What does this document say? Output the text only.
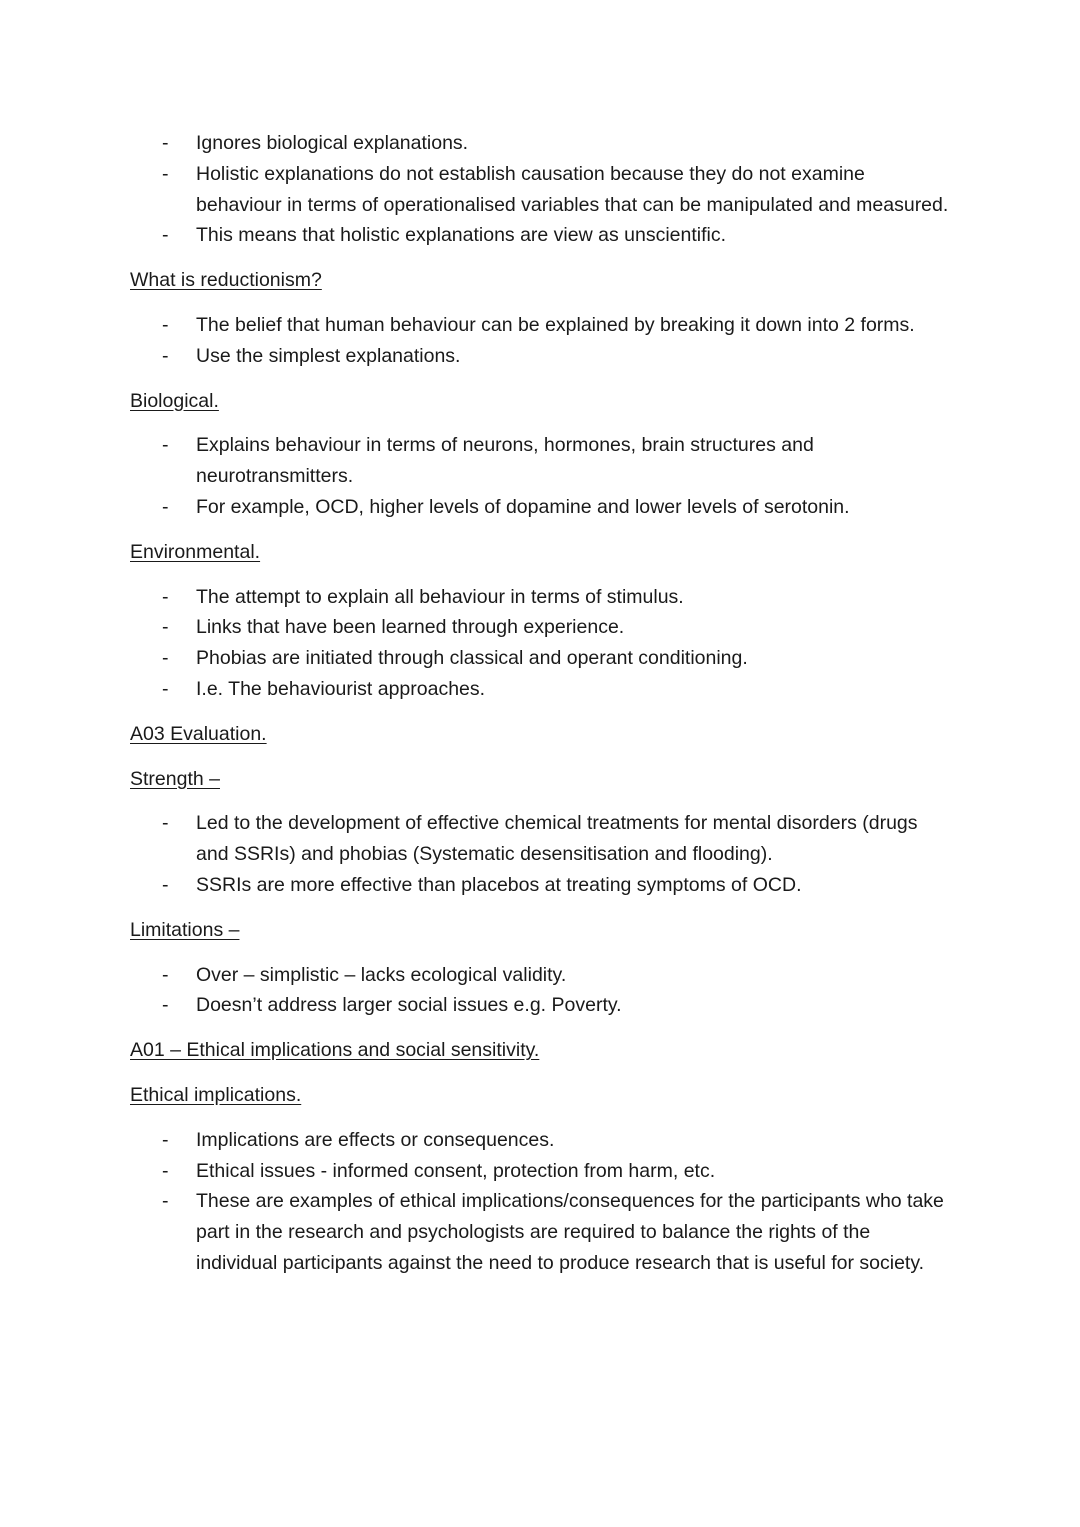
- Ignores biological explanations.
- Holistic explanations do not establish causation because they do not examine behaviour in terms of operationalised variables that can be manipulated and measured.
- This means that holistic explanations are view as unscientific.
What is reductionism?
- The belief that human behaviour can be explained by breaking it down into 2 forms.
- Use the simplest explanations.
Biological.
- Explains behaviour in terms of neurons, hormones, brain structures and neurotransmitters.
- For example, OCD, higher levels of dopamine and lower levels of serotonin.
Environmental.
- The attempt to explain all behaviour in terms of stimulus.
- Links that have been learned through experience.
- Phobias are initiated through classical and operant conditioning.
- I.e. The behaviourist approaches.
A03 Evaluation.
Strength –
- Led to the development of effective chemical treatments for mental disorders (drugs and SSRIs) and phobias (Systematic desensitisation and flooding).
- SSRIs are more effective than placebos at treating symptoms of OCD.
Limitations –
- Over – simplistic – lacks ecological validity.
- Doesn’t address larger social issues e.g. Poverty.
A01 – Ethical implications and social sensitivity.
Ethical implications.
- Implications are effects or consequences.
- Ethical issues - informed consent, protection from harm, etc.
- These are examples of ethical implications/consequences for the participants who take part in the research and psychologists are required to balance the rights of the individual participants against the need to produce research that is useful for society.
